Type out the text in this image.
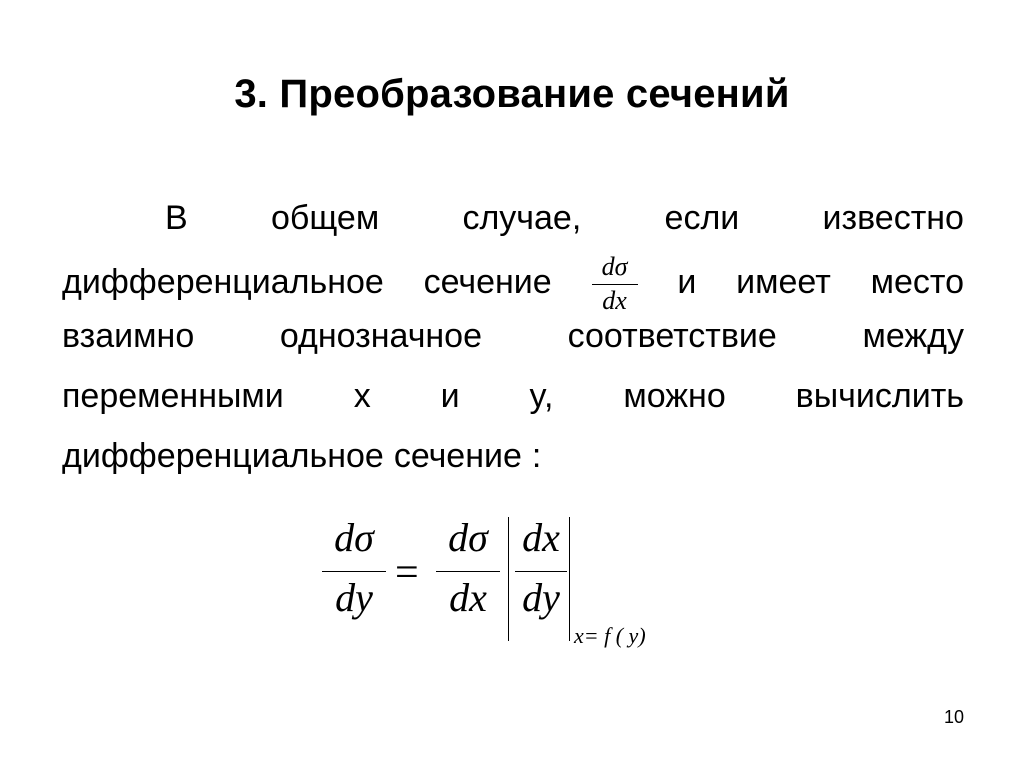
3. Преобразование сечений
В общем случае, если известно
дифференциальное сечение $\frac{d\sigma}{dx}$ и имеет место
взаимно	однозначное	соответствие	между
переменными x и y, можно вычислить
дифференциальное сечение :
dσ
dy
=
dσ
dx
dx
dy
x= f ( y)
10
